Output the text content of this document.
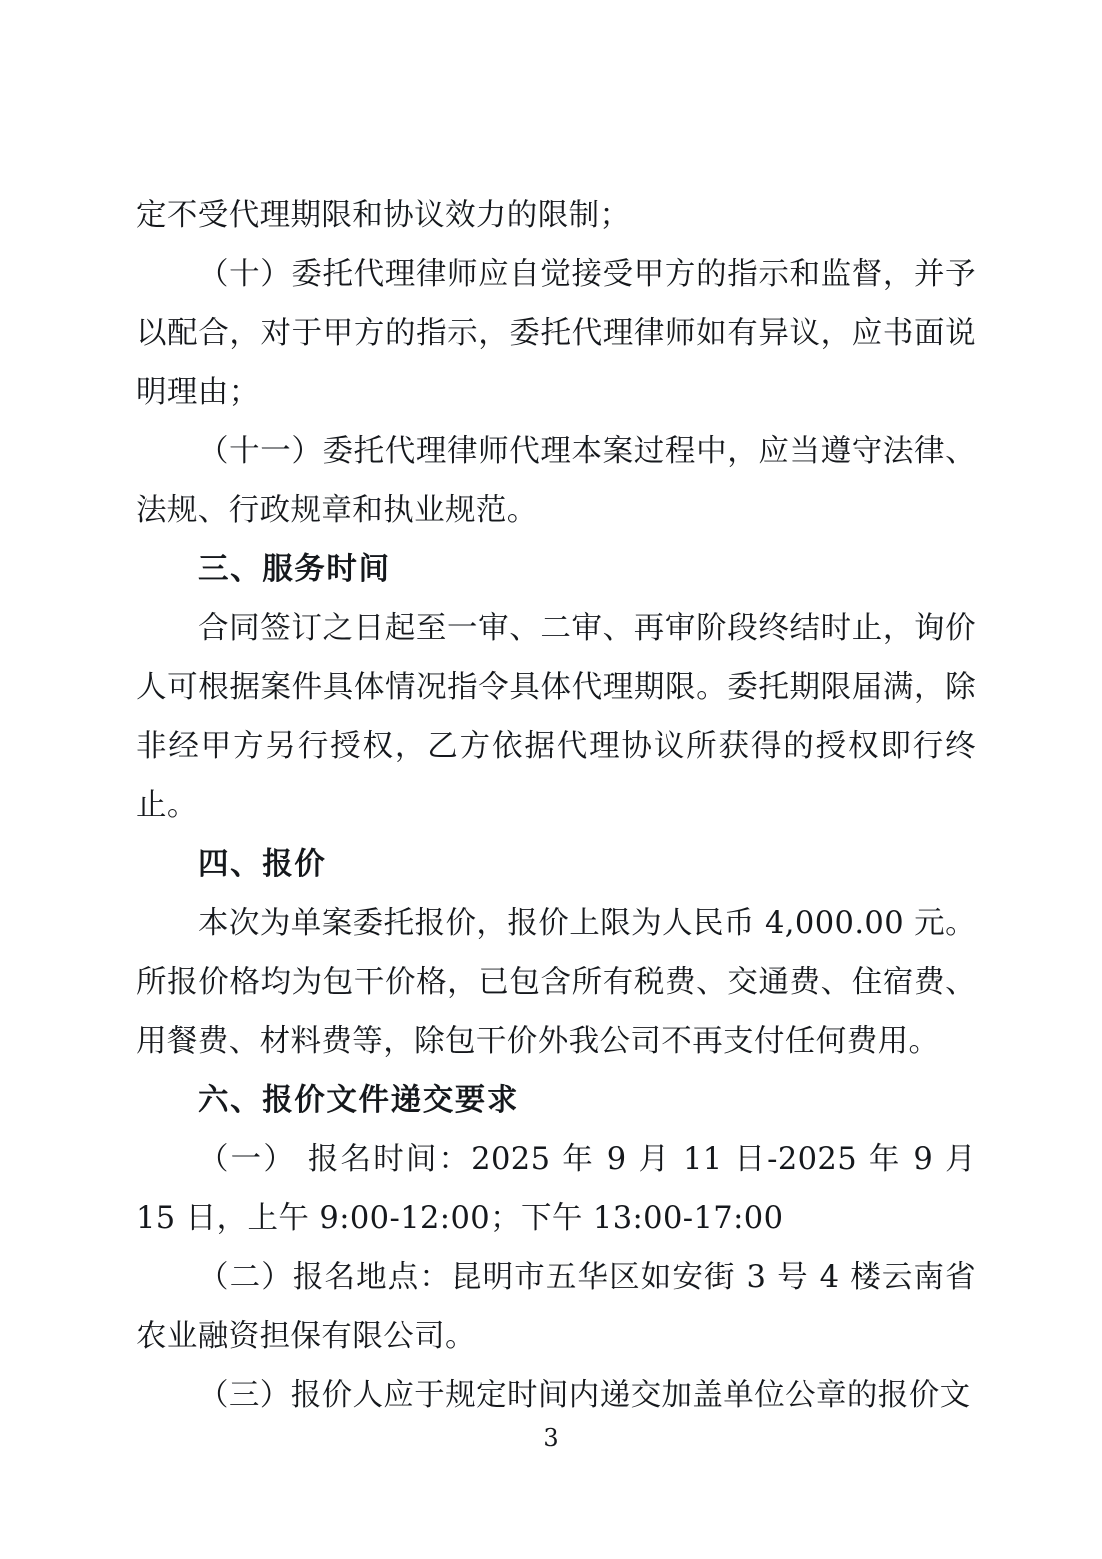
定不受代理期限和协议效力的限制；

（十）委托代理律师应自觉接受甲方的指示和监督，并予以配合，对于甲方的指示，委托代理律师如有异议，应书面说明理由；

（十一）委托代理律师代理本案过程中，应当遵守法律、法规、行政规章和执业规范。

三、服务时间

合同签订之日起至一审、二审、再审阶段终结时止，询价人可根据案件具体情况指令具体代理期限。委托期限届满，除非经甲方另行授权，乙方依据代理协议所获得的授权即行终止。

四、报价

本次为单案委托报价，报价上限为人民币 4,000.00 元。所报价格均为包干价格，已包含所有税费、交通费、住宿费、用餐费、材料费等，除包干价外我公司不再支付任何费用。

六、报价文件递交要求

（一） 报名时间：2025 年 9 月 11 日-2025 年 9 月 15 日，上午 9:00-12:00；下午 13:00-17:00

（二）报名地点：昆明市五华区如安街 3 号 4 楼云南省农业融资担保有限公司。

（三）报价人应于规定时间内递交加盖单位公章的报价文

3
